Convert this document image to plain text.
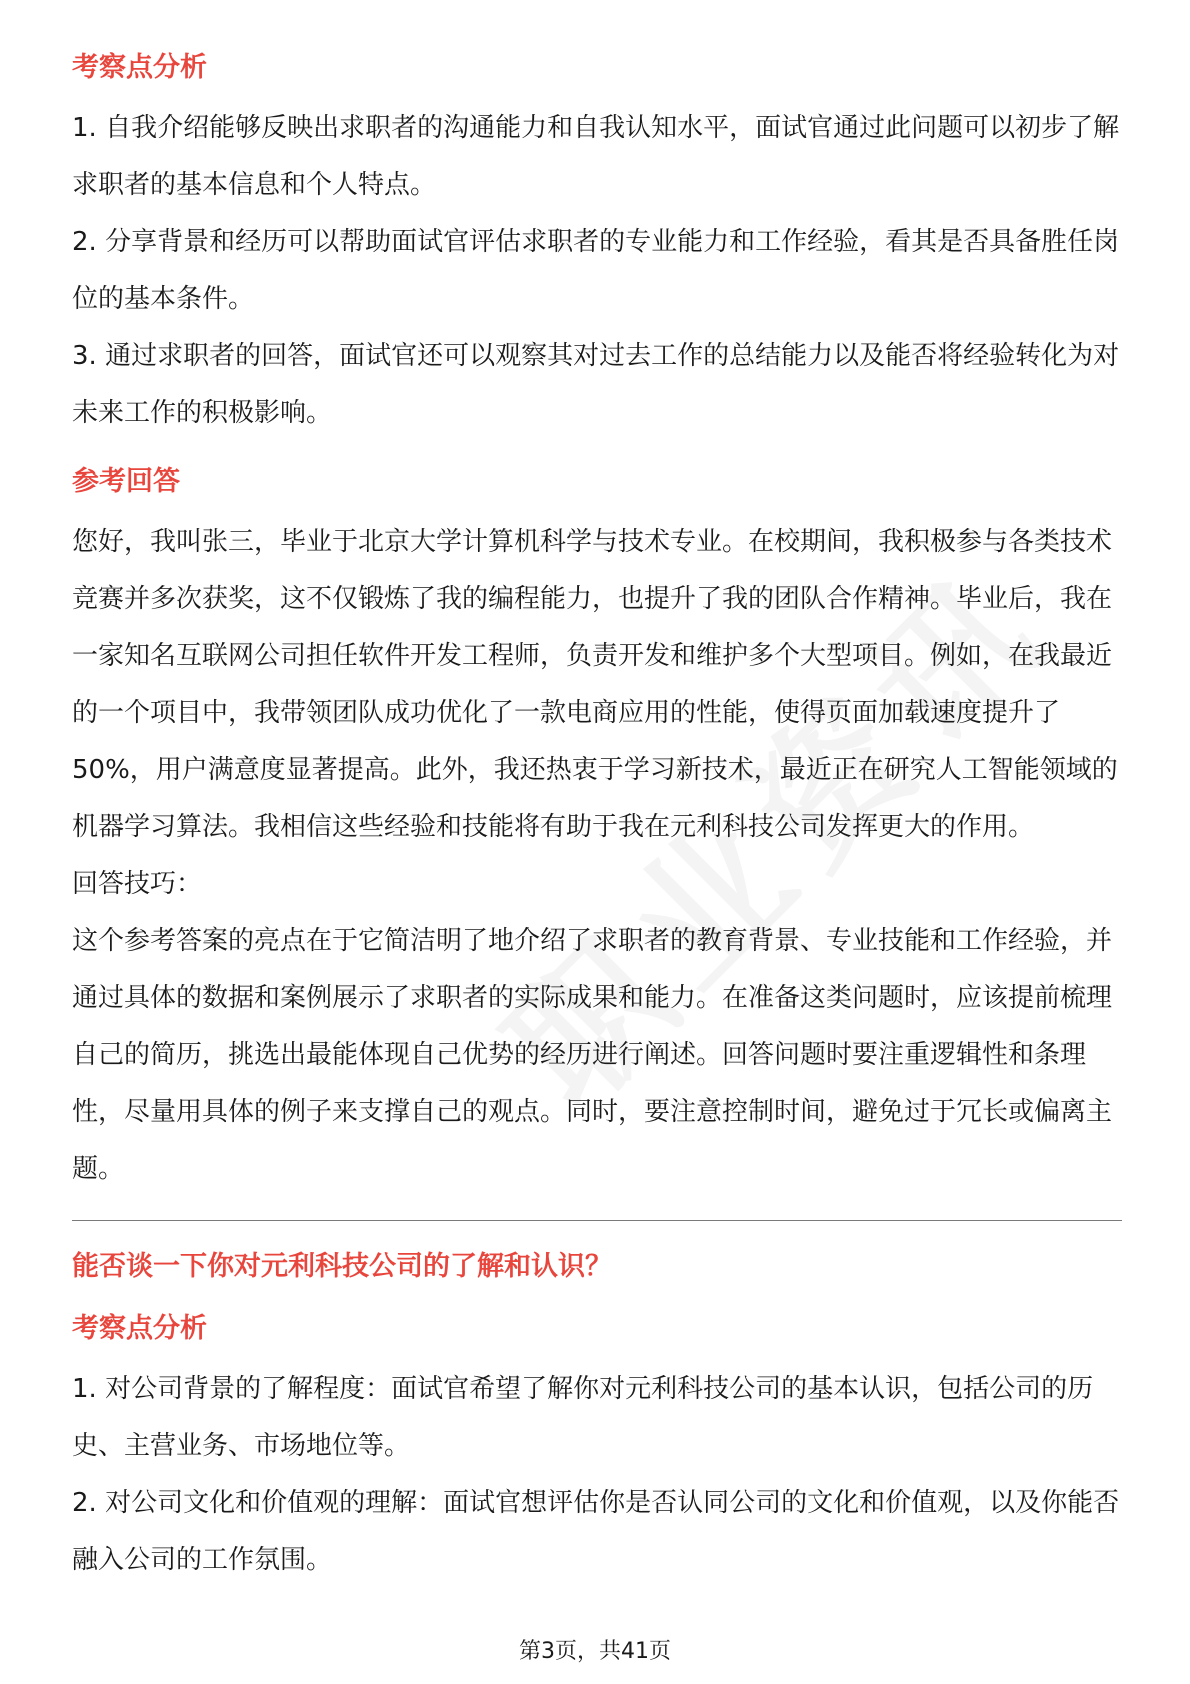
考察点分析

1. 自我介绍能够反映出求职者的沟通能力和自我认知水平，面试官通过此问题可以初步了解求职者的基本信息和个人特点。

2. 分享背景和经历可以帮助面试官评估求职者的专业能力和工作经验，看其是否具备胜任岗位的基本条件。

3. 通过求职者的回答，面试官还可以观察其对过去工作的总结能力以及能否将经验转化为对未来工作的积极影响。

参考回答

您好，我叫张三，毕业于北京大学计算机科学与技术专业。在校期间，我积极参与各类技术竞赛并多次获奖，这不仅锻炼了我的编程能力，也提升了我的团队合作精神。毕业后，我在一家知名互联网公司担任软件开发工程师，负责开发和维护多个大型项目。例如，在我最近的一个项目中，我带领团队成功优化了一款电商应用的性能，使得页面加载速度提升了50%，用户满意度显著提高。此外，我还热衷于学习新技术，最近正在研究人工智能领域的机器学习算法。我相信这些经验和技能将有助于我在元利科技公司发挥更大的作用。

回答技巧：

这个参考答案的亮点在于它简洁明了地介绍了求职者的教育背景、专业技能和工作经验，并通过具体的数据和案例展示了求职者的实际成果和能力。在准备这类问题时，应该提前梳理自己的简历，挑选出最能体现自己优势的经历进行阐述。回答问题时要注重逻辑性和条理性，尽量用具体的例子来支撑自己的观点。同时，要注意控制时间，避免过于冗长或偏离主题。

能否谈一下你对元利科技公司的了解和认识？
考察点分析

1. 对公司背景的了解程度：面试官希望了解你对元利科技公司的基本认识，包括公司的历史、主营业务、市场地位等。

2. 对公司文化和价值观的理解：面试官想评估你是否认同公司的文化和价值观，以及你能否融入公司的工作氛围。

第3页，共41页
